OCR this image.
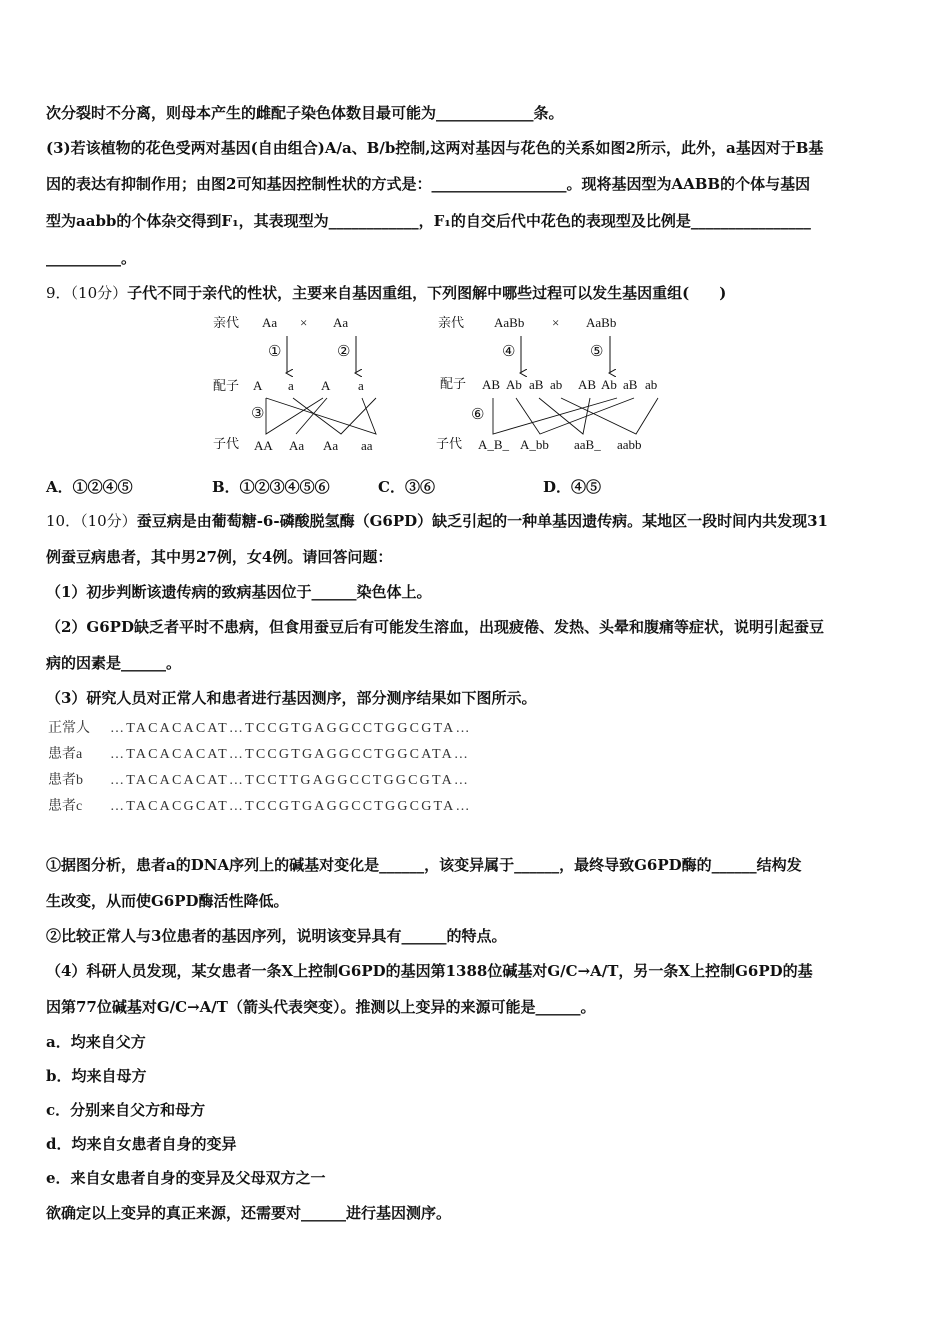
次分裂时不分离，则母本产生的雌配子染色体数目最可能为_____________条。
(3)若该植物的花色受两对基因(自由组合)A/a、B/b控制,这两对基因与花色的关系如图2所示，此外，a基因对于B基
因的表达有抑制作用；由图2可知基因控制性状的方式是：__________________。现将基因型为AABB的个体与基因
型为aabb的个体杂交得到F₁，其表现型为____________，F₁的自交后代中花色的表现型及比例是________________
__________。
9．（10分）子代不同于亲代的性状，主要来自基因重组，下列图解中哪些过程可以发生基因重组(　　)
亲代 Aa × Aa
①	②
配子 A a A a
③
子代 AA Aa Aa aa
亲代 AaBb × AaBb
④	⑤
配子 AB Ab aB ab AB Ab aB ab
⑥
子代 A_B_ A_bb aaB_ aabb
A．①②④⑤	B．①②③④⑤⑥	C．③⑥	D．④⑤
10．（10分）蚕豆病是由葡萄糖-6-磷酸脱氢酶（G6PD）缺乏引起的一种单基因遗传病。某地区一段时间内共发现31
例蚕豆病患者，其中男27例，女4例。请回答问题：
（1）初步判断该遗传病的致病基因位于______染色体上。
（2）G6PD缺乏者平时不患病，但食用蚕豆后有可能发生溶血，出现疲倦、发热、头晕和腹痛等症状，说明引起蚕豆
病的因素是______。
（3）研究人员对正常人和患者进行基因测序，部分测序结果如下图所示。
正常人 …TACACACAT…TCCGTGAGGCCTGGCGTA…
患者a …TACACACAT…TCCGTGAGGCCTGGCATA…
患者b …TACACACAT…TCCTTGAGGCCTGGCGTA…
患者c …TACACGCAT…TCCGTGAGGCCTGGCGTA…
①据图分析，患者a的DNA序列上的碱基对变化是______，该变异属于______，最终导致G6PD酶的______结构发
生改变，从而使G6PD酶活性降低。
②比较正常人与3位患者的基因序列，说明该变异具有______的特点。
（4）科研人员发现，某女患者一条X上控制G6PD的基因第1388位碱基对G/C→A/T，另一条X上控制G6PD的基
因第77位碱基对G/C→A/T（箭头代表突变）。推测以上变异的来源可能是______。
a．均来自父方
b．均来自母方
c．分别来自父方和母方
d．均来自女患者自身的变异
e．来自女患者自身的变异及父母双方之一
欲确定以上变异的真正来源，还需要对______进行基因测序。
